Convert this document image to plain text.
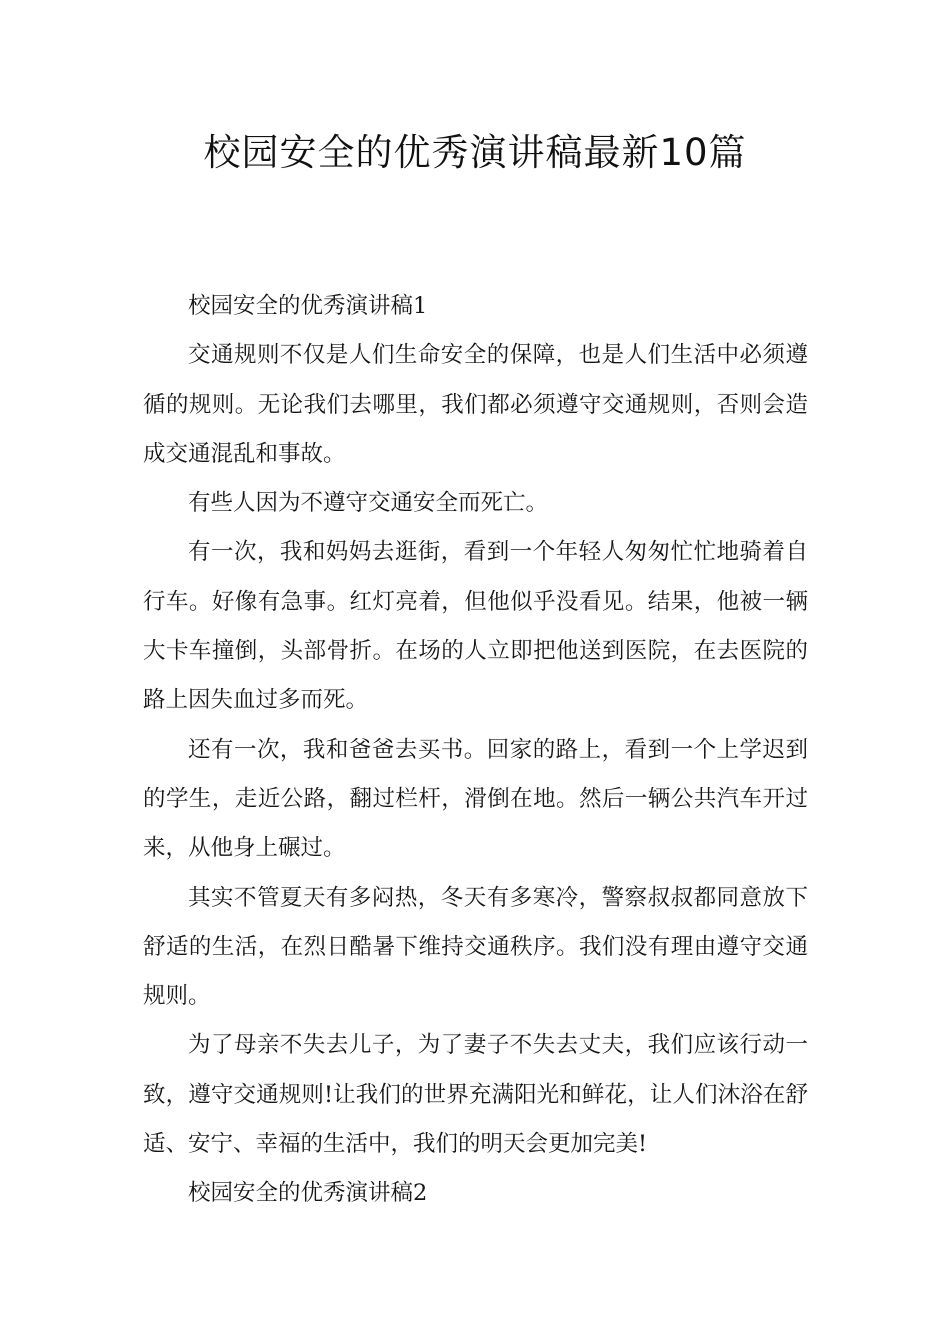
校园安全的优秀演讲稿最新10篇

校园安全的优秀演讲稿1

交通规则不仅是人们生命安全的保障，也是人们生活中必须遵循的规则。无论我们去哪里，我们都必须遵守交通规则，否则会造成交通混乱和事故。

有些人因为不遵守交通安全而死亡。

有一次，我和妈妈去逛街，看到一个年轻人匆匆忙忙地骑着自行车。好像有急事。红灯亮着，但他似乎没看见。结果，他被一辆大卡车撞倒，头部骨折。在场的人立即把他送到医院，在去医院的路上因失血过多而死。

还有一次，我和爸爸去买书。回家的路上，看到一个上学迟到的学生，走近公路，翻过栏杆，滑倒在地。然后一辆公共汽车开过来，从他身上碾过。

其实不管夏天有多闷热，冬天有多寒冷，警察叔叔都同意放下舒适的生活，在烈日酷暑下维持交通秩序。我们没有理由遵守交通规则。

为了母亲不失去儿子，为了妻子不失去丈夫，我们应该行动一致，遵守交通规则!让我们的世界充满阳光和鲜花，让人们沐浴在舒适、安宁、幸福的生活中，我们的明天会更加完美!

校园安全的优秀演讲稿2
